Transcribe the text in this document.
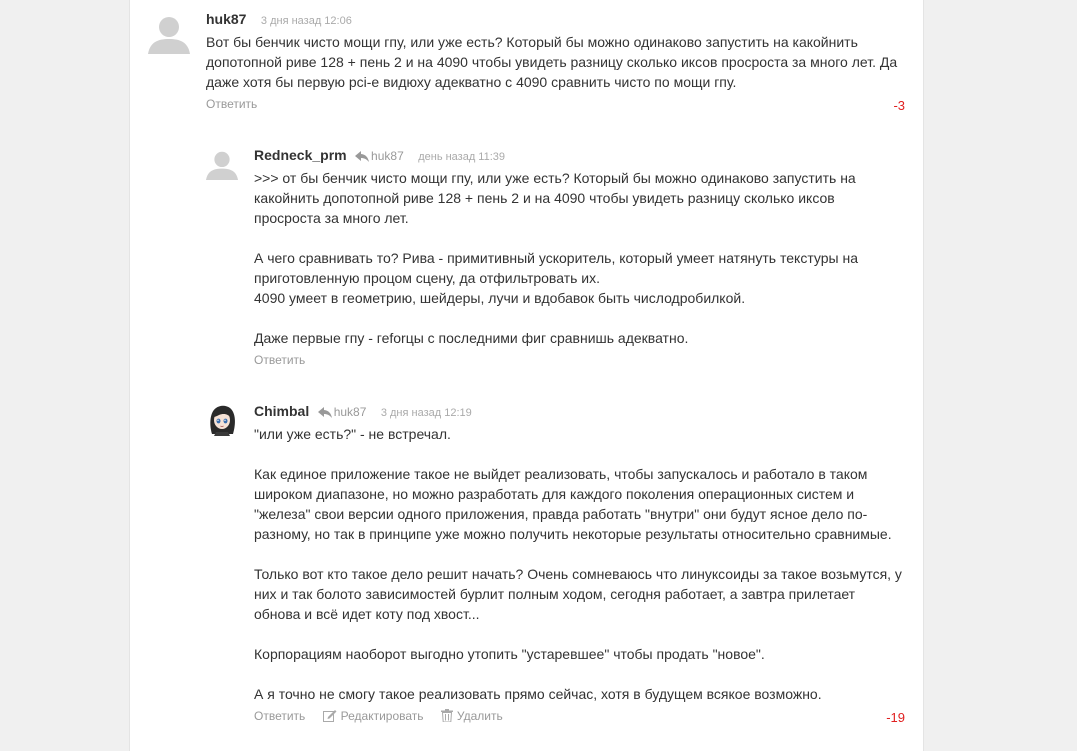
huk87 3 дня назад 12:06
Вот бы бенчик чисто мощи гпу, или уже есть? Который бы можно одинаково запустить на какойнить допотопной риве 128 + пень 2 и на 4090 чтобы увидеть разницу сколько иксов просроста за много лет. Да даже хотя бы первую pci-e видюху адекватно с 4090 сравнить чисто по мощи гпу.
Ответить	-3
Redneck_prm huk87 день назад 11:39
>>> от бы бенчик чисто мощи гпу, или уже есть? Который бы можно одинаково запустить на какойнить допотопной риве 128 + пень 2 и на 4090 чтобы увидеть разницу сколько иксов просроста за много лет.

А чего сравнивать то? Рива - примитивный ускоритель, который умеет натянуть текстуры на приготовленную процом сцену, да отфильтровать их.
4090 умеет в геометрию, шейдеры, лучи и вдобавок быть числодробилкой.

Даже первые гпу - геforцы с последними фиг сравнишь адекватно.
Ответить
Chimbal huk87 3 дня назад 12:19
"или уже есть?" - не встречал.

Как единое приложение такое не выйдет реализовать, чтобы запускалось и работало в таком широком диапазоне, но можно разработать для каждого поколения операционных систем и "железа" свои версии одного приложения, правда работать "внутри" они будут ясное дело по-разному, но так в принципе уже можно получить некоторые результаты относительно сравнимые.

Только вот кто такое дело решит начать? Очень сомневаюсь что линуксоиды за такое возьмутся, у них и так болото зависимостей бурлит полным ходом, сегодня работает, а завтра прилетает обнова и всё идет коту под хвост...

Корпорациям наоборот выгодно утопить "устаревшее" чтобы продать "новое".

А я точно не смогу такое реализовать прямо сейчас, хотя в будущем всякое возможно.
Ответить	Редактировать	Удалить	-19
